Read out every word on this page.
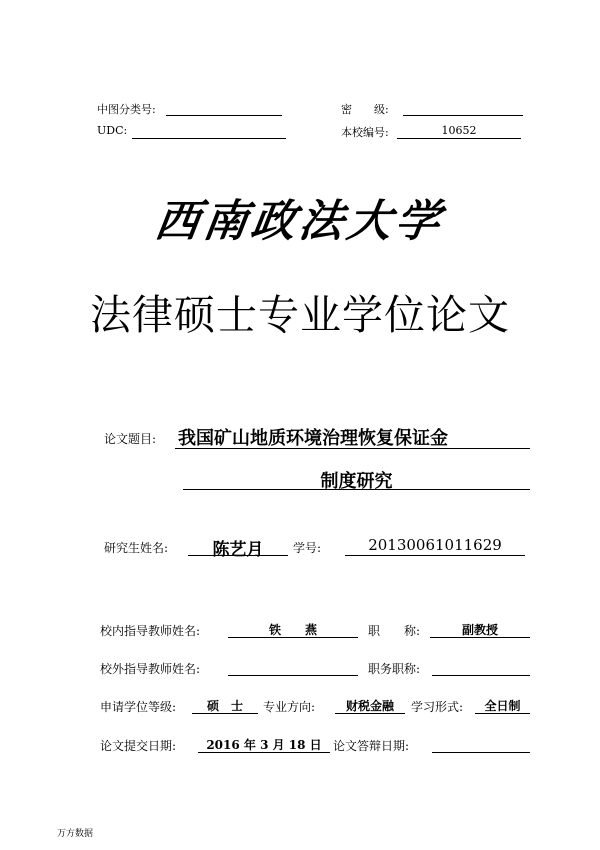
中图分类号:	密　　级:
UDC:	本校编号:	10652
西南政法大学
法律硕士专业学位论文
论文题目: 我国矿山地质环境治理恢复保证金
制度研究
研究生姓名:	陈艺月	学号:	20130061011629
校内指导教师姓名:	铁　　燕	职　　称:	副教授
校外指导教师姓名:	职务职称:
申请学位等级:	硕　士	专业方向:	财税金融	学习形式:	全日制
论文提交日期:	2016 年 3 月 18 日 论文答辩日期:
万方数据
